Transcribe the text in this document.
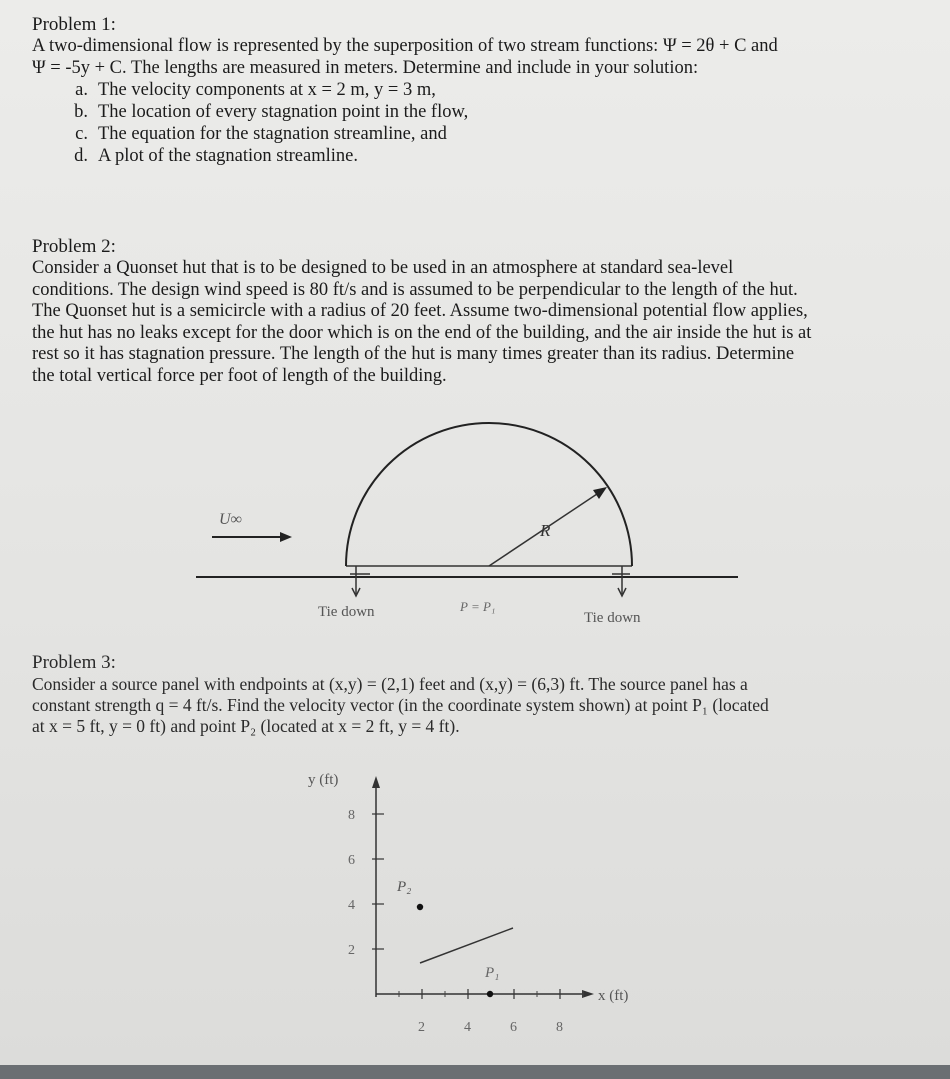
Problem 1:

A two-dimensional flow is represented by the superposition of two stream functions: Ψ = 2θ + C and

Ψ = -5y + C. The lengths are measured in meters. Determine and include in your solution:

a. The velocity components at x = 2 m, y = 3 m,
b. The location of every stagnation point in the flow,
c. The equation for the stagnation streamline, and
d. A plot of the stagnation streamline.
Problem 2:

Consider a Quonset hut that is to be designed to be used in an atmosphere at standard sea-level

conditions. The design wind speed is 80 ft/s and is assumed to be perpendicular to the length of the hut.

The Quonset hut is a semicircle with a radius of 20 feet. Assume two-dimensional potential flow applies,

the hut has no leaks except for the door which is on the end of the building, and the air inside the hut is at

rest so it has stagnation pressure. The length of the hut is many times greater than its radius. Determine

the total vertical force per foot of length of the building.

R
U∞
Tie down	Tie down
P = P₁
Problem 3:

Consider a source panel with endpoints at (x,y) = (2,1) feet and (x,y) = (6,3) ft. The source panel has a

constant strength q = 4 ft/s. Find the velocity vector (in the coordinate system shown) at point P₁ (located

at x = 5 ft, y = 0 ft) and point P₂ (located at x = 2 ft, y = 4 ft).

y (ft)
x (ft)
8
6
4
2
2	4	6	8
P₂
P₁
